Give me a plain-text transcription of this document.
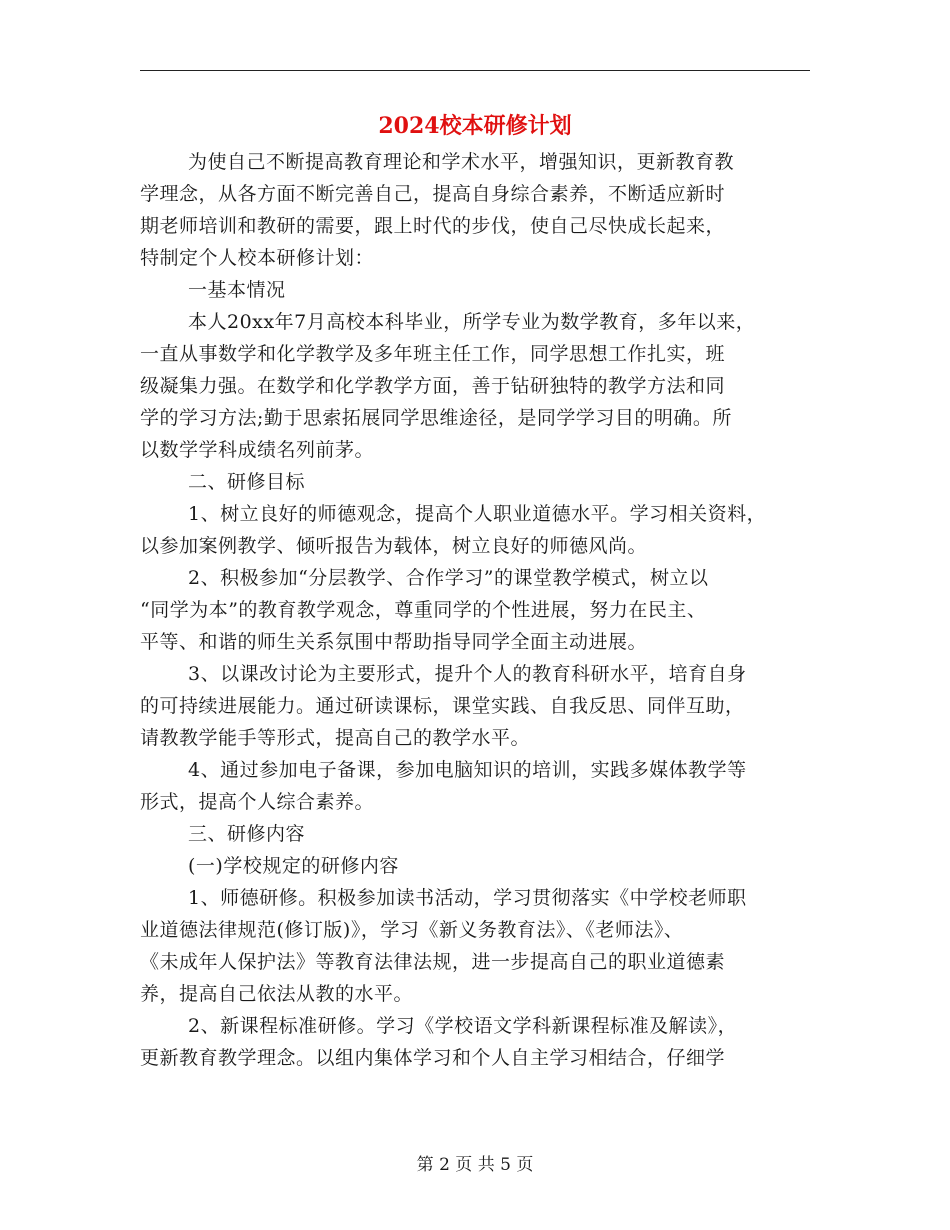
2024校本研修计划
为使自己不断提高教育理论和学术水平，增强知识，更新教育教
学理念，从各方面不断完善自己，提高自身综合素养，不断适应新时
期老师培训和教研的需要，跟上时代的步伐，使自己尽快成长起来，
特制定个人校本研修计划：
一基本情况
本人20xx年7月高校本科毕业，所学专业为数学教育，多年以来，
一直从事数学和化学教学及多年班主任工作，同学思想工作扎实，班
级凝集力强。在数学和化学教学方面，善于钻研独特的教学方法和同
学的学习方法;勤于思索拓展同学思维途径，是同学学习目的明确。所
以数学学科成绩名列前茅。
二、研修目标
1、树立良好的师德观念，提高个人职业道德水平。学习相关资料，
以参加案例教学、倾听报告为载体，树立良好的师德风尚。
2、积极参加“分层教学、合作学习”的课堂教学模式，树立以
“同学为本”的教育教学观念，尊重同学的个性进展，努力在民主、
平等、和谐的师生关系氛围中帮助指导同学全面主动进展。
3、以课改讨论为主要形式，提升个人的教育科研水平，培育自身
的可持续进展能力。通过研读课标，课堂实践、自我反思、同伴互助，
请教教学能手等形式，提高自己的教学水平。
4、通过参加电子备课，参加电脑知识的培训，实践多媒体教学等
形式，提高个人综合素养。
三、研修内容
(一)学校规定的研修内容
1、师德研修。积极参加读书活动，学习贯彻落实《中学校老师职
业道德法律规范(修订版)》，学习《新义务教育法》、《老师法》、
《未成年人保护法》等教育法律法规，进一步提高自己的职业道德素
养，提高自己依法从教的水平。
2、新课程标准研修。学习《学校语文学科新课程标准及解读》，
更新教育教学理念。以组内集体学习和个人自主学习相结合，仔细学
第 2 页 共 5 页
